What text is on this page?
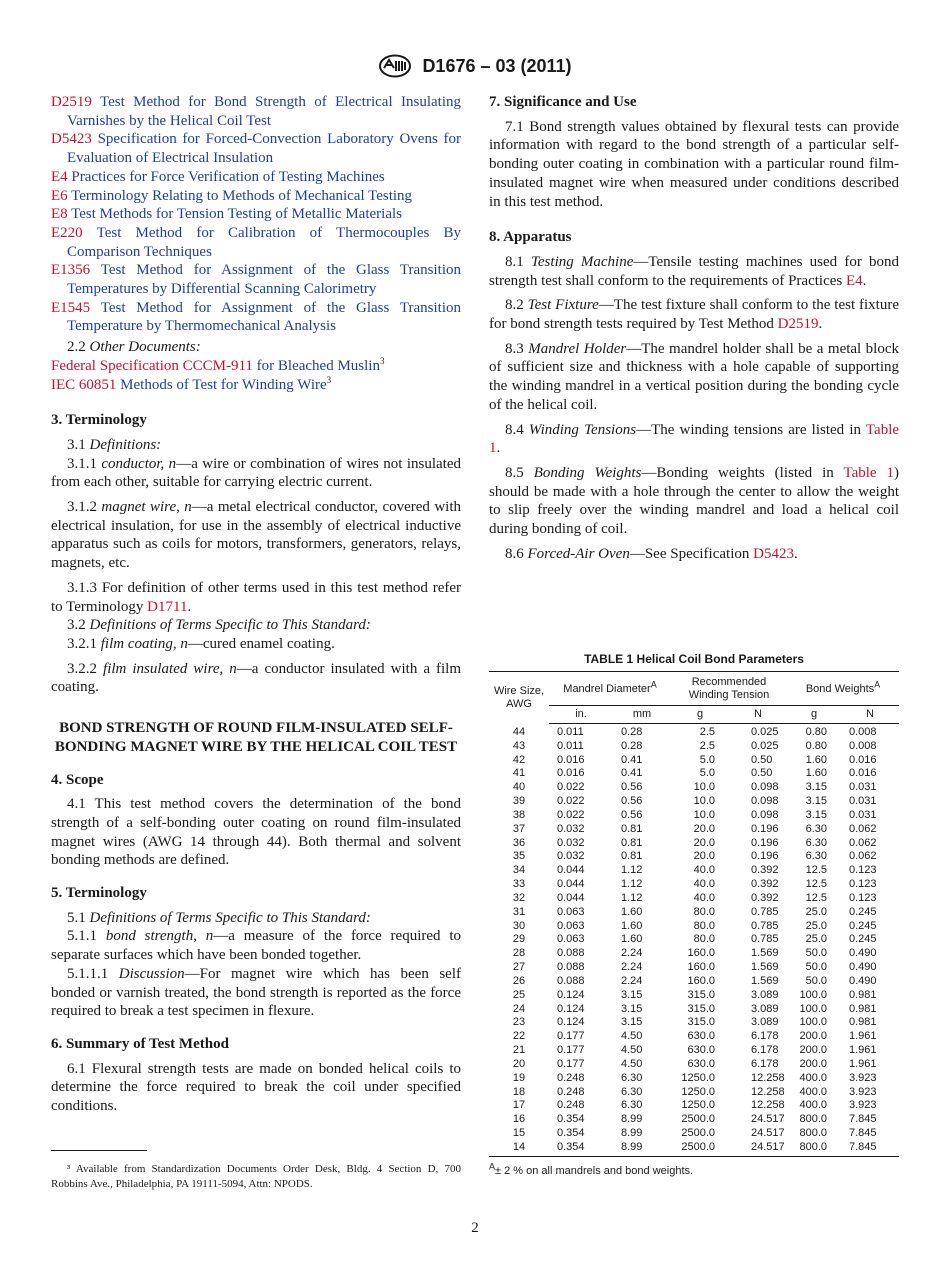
D1676 – 03 (2011)
D2519 Test Method for Bond Strength of Electrical Insulating Varnishes by the Helical Coil Test
D5423 Specification for Forced-Convection Laboratory Ovens for Evaluation of Electrical Insulation
E4 Practices for Force Verification of Testing Machines
E6 Terminology Relating to Methods of Mechanical Testing
E8 Test Methods for Tension Testing of Metallic Materials
E220 Test Method for Calibration of Thermocouples By Comparison Techniques
E1356 Test Method for Assignment of the Glass Transition Temperatures by Differential Scanning Calorimetry
E1545 Test Method for Assignment of the Glass Transition Temperature by Thermomechanical Analysis

2.2 Other Documents:

Federal Specification CCCM-911 for Bleached Muslin$^3$
IEC 60851 Methods of Test for Winding Wire$^3$
3. Terminology

3.1 Definitions:

3.1.1 conductor, n—a wire or combination of wires not insulated from each other, suitable for carrying electric current.

3.1.2 magnet wire, n—a metal electrical conductor, covered with electrical insulation, for use in the assembly of electrical inductive apparatus such as coils for motors, transformers, generators, relays, magnets, etc.

3.1.3 For definition of other terms used in this test method refer to Terminology D1711.

3.2 Definitions of Terms Specific to This Standard:

3.2.1 film coating, n—cured enamel coating.

3.2.2 film insulated wire, n—a conductor insulated with a film coating.

BOND STRENGTH OF ROUND FILM-INSULATED SELF-BONDING MAGNET WIRE BY THE HELICAL COIL TEST
4. Scope

4.1 This test method covers the determination of the bond strength of a self-bonding outer coating on round film-insulated magnet wires (AWG 14 through 44). Both thermal and solvent bonding methods are defined.

5. Terminology

5.1 Definitions of Terms Specific to This Standard:

5.1.1 bond strength, n—a measure of the force required to separate surfaces which have been bonded together.

5.1.1.1 Discussion—For magnet wire which has been self bonded or varnish treated, the bond strength is reported as the force required to break a test specimen in flexure.

6. Summary of Test Method

6.1 Flexural strength tests are made on bonded helical coils to determine the force required to break the coil under specified conditions.

³ Available from Standardization Documents Order Desk, Bldg. 4 Section D, 700 Robbins Ave., Philadelphia, PA 19111-5094, Attn: NPODS.
7. Significance and Use

7.1 Bond strength values obtained by flexural tests can provide information with regard to the bond strength of a particular self-bonding outer coating in combination with a particular round film-insulated magnet wire when measured under conditions described in this test method.

8. Apparatus

8.1 Testing Machine—Tensile testing machines used for bond strength test shall conform to the requirements of Practices E4.

8.2 Test Fixture—The test fixture shall conform to the test fixture for bond strength tests required by Test Method D2519.

8.3 Mandrel Holder—The mandrel holder shall be a metal block of sufficient size and thickness with a hole capable of supporting the winding mandrel in a vertical position during the bonding cycle of the helical coil.

8.4 Winding Tensions—The winding tensions are listed in Table 1.

8.5 Bonding Weights—Bonding weights (listed in Table 1) should be made with a hole through the center to allow the weight to slip freely over the winding mandrel and load a helical coil during bonding of coil.

8.6 Forced-Air Oven—See Specification D5423.

TABLE 1 Helical Coil Bond Parameters
Wire Size, AWG	Mandrel Diameter$^A$		Recommended Winding Tension		Bond Weights$^A$
	in.	mm	g	N	g	N
44	0.011	0.28	2.5	0.025	0.80	0.008
43	0.011	0.28	2.5	0.025	0.80	0.008
42	0.016	0.41	5.0	0.50	1.60	0.016
41	0.016	0.41	5.0	0.50	1.60	0.016
40	0.022	0.56	10.0	0.098	3.15	0.031
39	0.022	0.56	10.0	0.098	3.15	0.031
38	0.022	0.56	10.0	0.098	3.15	0.031
37	0.032	0.81	20.0	0.196	6.30	0.062
36	0.032	0.81	20.0	0.196	6.30	0.062
35	0.032	0.81	20.0	0.196	6.30	0.062
34	0.044	1.12	40.0	0.392	12.5	0.123
33	0.044	1.12	40.0	0.392	12.5	0.123
32	0.044	1.12	40.0	0.392	12.5	0.123
31	0.063	1.60	80.0	0.785	25.0	0.245
30	0.063	1.60	80.0	0.785	25.0	0.245
29	0.063	1.60	80.0	0.785	25.0	0.245
28	0.088	2.24	160.0	1.569	50.0	0.490
27	0.088	2.24	160.0	1.569	50.0	0.490
26	0.088	2.24	160.0	1.569	50.0	0.490
25	0.124	3.15	315.0	3.089	100.0	0.981
24	0.124	3.15	315.0	3.089	100.0	0.981
23	0.124	3.15	315.0	3.089	100.0	0.981
22	0.177	4.50	630.0	6.178	200.0	1.961
21	0.177	4.50	630.0	6.178	200.0	1.961
20	0.177	4.50	630.0	6.178	200.0	1.961
19	0.248	6.30	1250.0	12.258	400.0	3.923
18	0.248	6.30	1250.0	12.258	400.0	3.923
17	0.248	6.30	1250.0	12.258	400.0	3.923
16	0.354	8.99	2500.0	24.517	800.0	7.845
15	0.354	8.99	2500.0	24.517	800.0	7.845
14	0.354	8.99	2500.0	24.517	800.0	7.845
$^A$± 2 % on all mandrels and bond weights.
2
